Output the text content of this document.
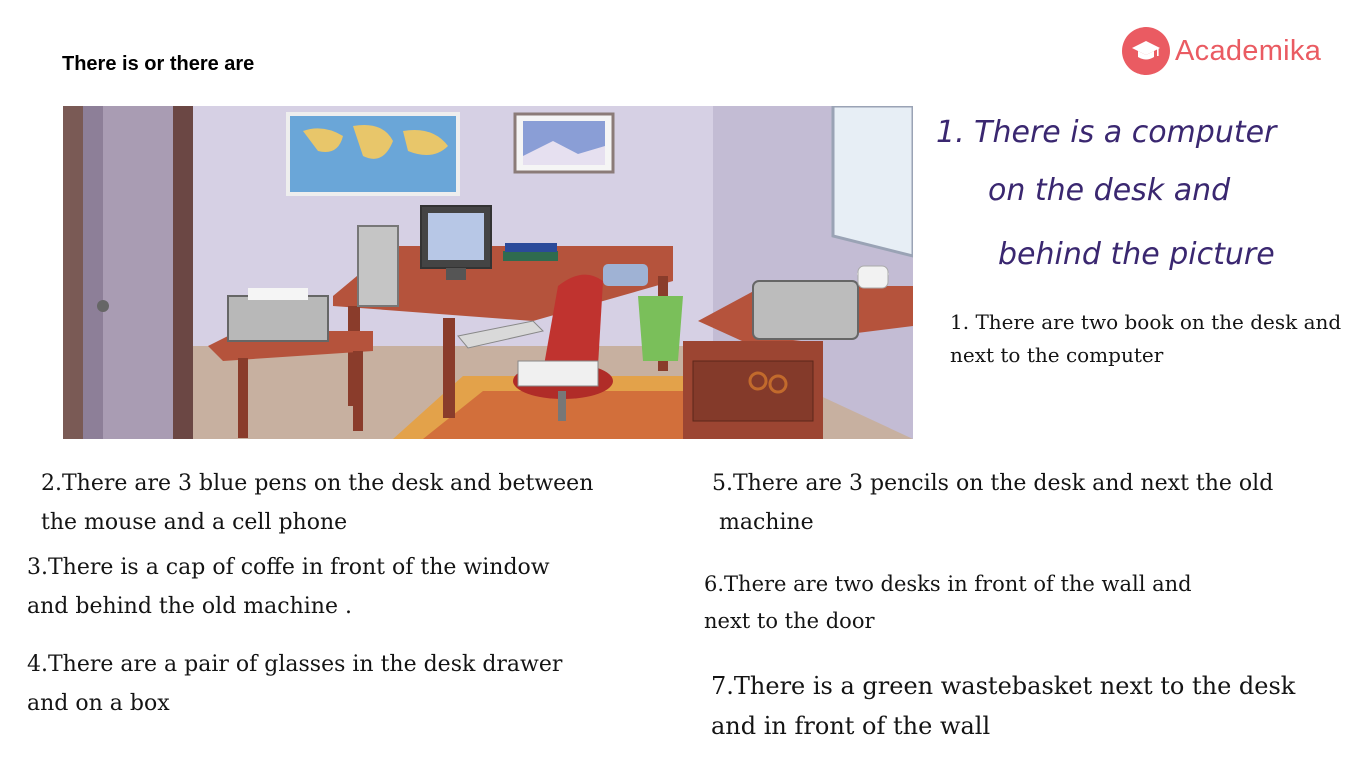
There is or there are	Academika
1. There is a computer
on the desk and
behind the picture

1. There are two book on the desk and
next to the computer

2.There are 3 blue pens on the desk and between
the mouse and a cell phone

3.There is a cap of coffe in front of the window
and behind the old machine .

4.There are a pair of glasses in the desk drawer
and on a box

5.There are 3 pencils on the desk and next the old
machine

6.There are two desks in front of the wall and
next to the door

7.There is a green wastebasket next to the desk
and in front of the wall
